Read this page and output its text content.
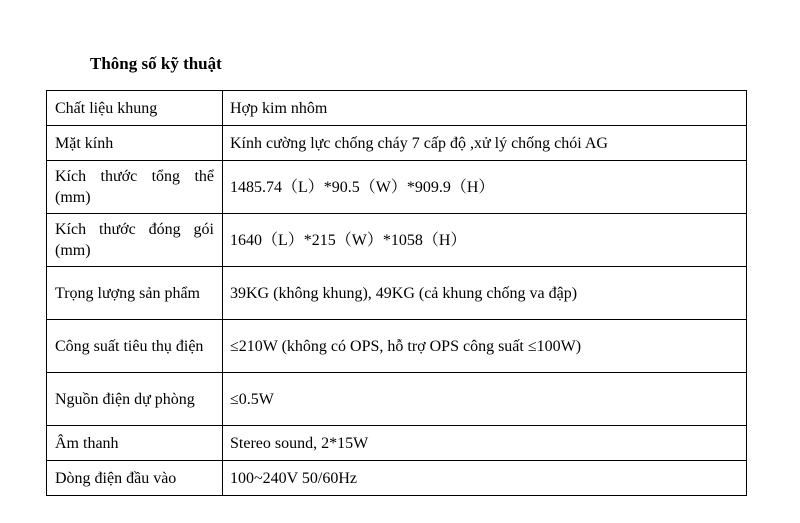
Thông số kỹ thuật
Chất liệu khung	Hợp kim nhôm
Mặt kính	Kính cường lực chống cháy 7 cấp độ ,xử lý chống chói AG
Kích thước tổng thể (mm)	1485.74（L）*90.5（W）*909.9（H）
Kích thước đóng gói (mm)	1640（L）*215（W）*1058（H）
Trọng lượng sản phẩm	39KG (không khung), 49KG (cả khung chống va đập)
Công suất tiêu thụ điện	≤210W (không có OPS, hỗ trợ OPS công suất ≤100W)
Nguồn điện dự phòng	≤0.5W
Âm thanh	Stereo sound, 2*15W
Dòng điện đầu vào	100~240V 50/60Hz
